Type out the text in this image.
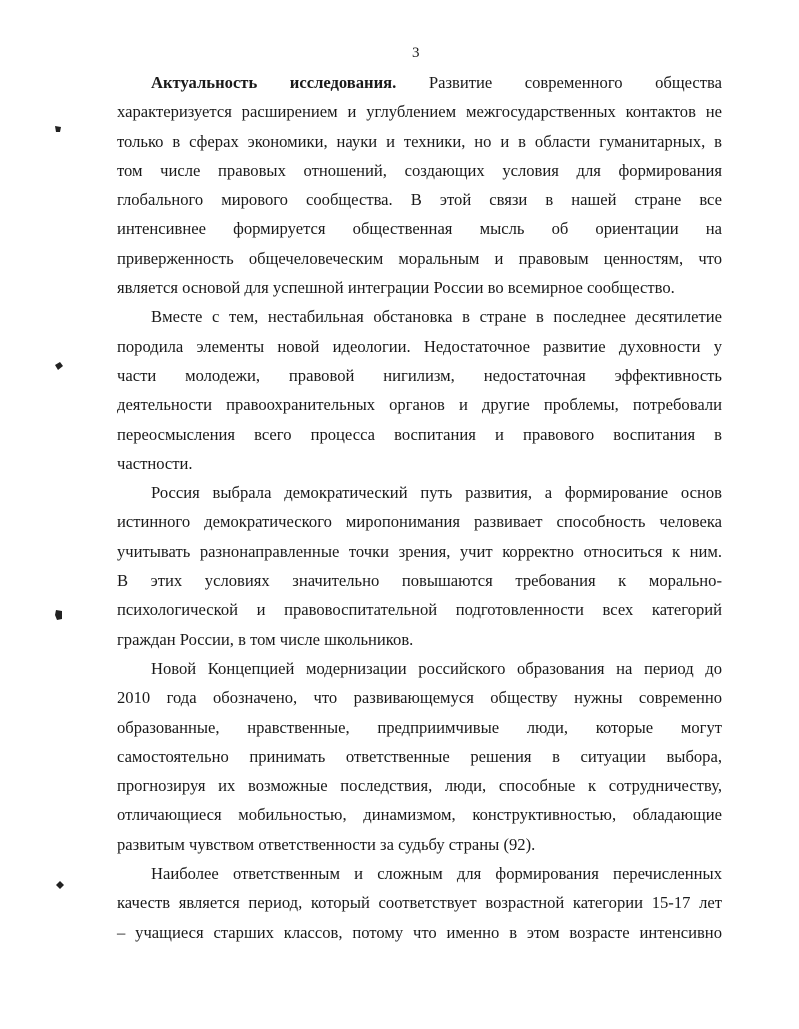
3
Актуальность исследования. Развитие современного общества
характеризуется расширением и углублением межгосударственных контактов не
только в сферах экономики, науки и техники, но и в области гуманитарных, в
том числе правовых отношений, создающих условия для формирования
глобального мирового сообщества. В этой связи в нашей стране все
интенсивнее формируется общественная мысль об ориентации на
приверженность общечеловеческим моральным и правовым ценностям, что
является основой для успешной интеграции России во всемирное сообщество.
Вместе с тем, нестабильная обстановка в стране в последнее десятилетие
породила элементы новой идеологии. Недостаточное развитие духовности у
части молодежи, правовой нигилизм, недостаточная эффективность
деятельности правоохранительных органов и другие проблемы, потребовали
переосмысления всего процесса воспитания и правового воспитания в
частности.
Россия выбрала демократический путь развития, а формирование основ
истинного демократического миропонимания развивает способность человека
учитывать разнонаправленные точки зрения, учит корректно относиться к ним.
В этих условиях значительно повышаются требования к морально-
психологической и правовоспитательной подготовленности всех категорий
граждан России, в том числе школьников.
Новой Концепцией модернизации российского образования на период до
2010 года обозначено, что развивающемуся обществу нужны современно
образованные, нравственные, предприимчивые люди, которые могут
самостоятельно принимать ответственные решения в ситуации выбора,
прогнозируя их возможные последствия, люди, способные к сотрудничеству,
отличающиеся мобильностью, динамизмом, конструктивностью, обладающие
развитым чувством ответственности за судьбу страны (92).
Наиболее ответственным и сложным для формирования перечисленных
качеств является период, который соответствует возрастной категории 15-17 лет
– учащиеся старших классов, потому что именно в этом возрасте интенсивно
